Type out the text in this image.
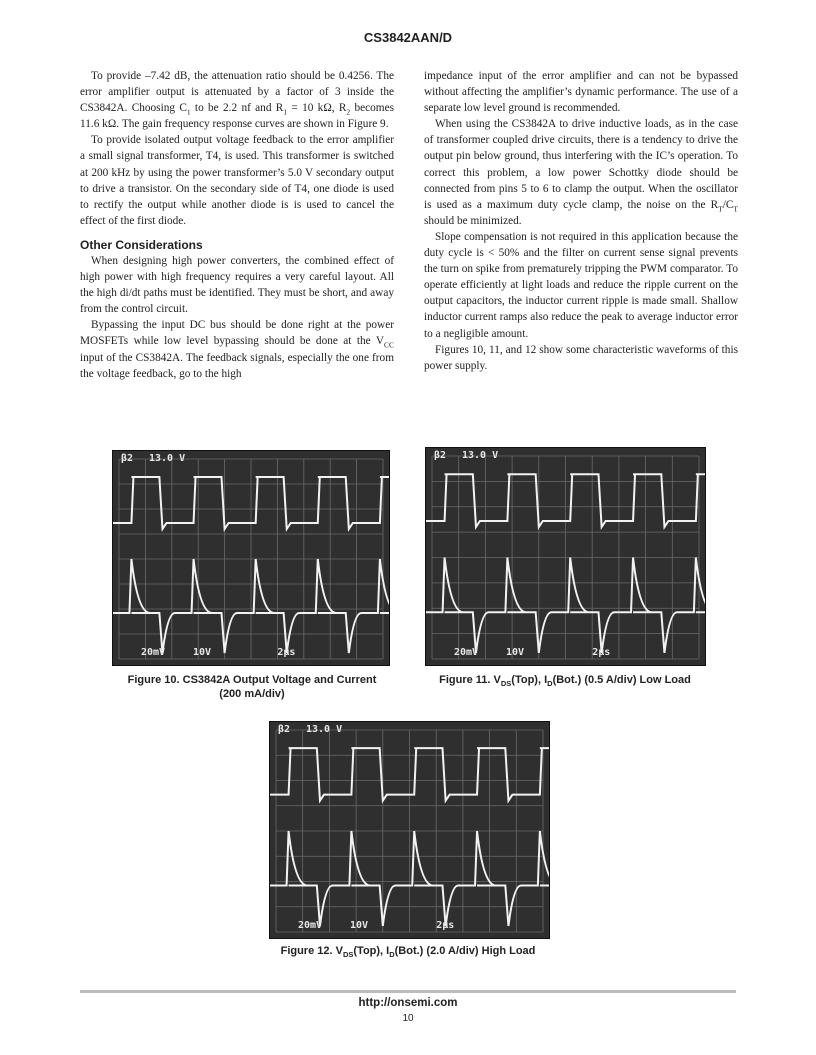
CS3842AAN/D

To provide –7.42 dB, the attenuation ratio should be 0.4256. The error amplifier output is attenuated by a factor of 3 inside the CS3842A. Choosing $C_1$ to be 2.2 nf and $R_1 = 10$ kΩ, $R_2$ becomes 11.6 kΩ. The gain frequency response curves are shown in Figure 9.

To provide isolated output voltage feedback to the error amplifier a small signal transformer, T4, is used. This transformer is switched at 200 kHz by using the power transformer’s 5.0 V secondary output to drive a transistor. On the secondary side of T4, one diode is used to rectify the output while another diode is is used to cancel the effect of the first diode.

Other Considerations

When designing high power converters, the combined effect of high power with high frequency requires a very careful layout. All the high di/dt paths must be identified. They must be short, and away from the control circuit.

Bypassing the input DC bus should be done right at the power MOSFETs while low level bypassing should be done at the $V_{CC}$ input of the CS3842A. The feedback signals, especially the one from the voltage feedback, go to the high

impedance input of the error amplifier and can not be bypassed without affecting the amplifier’s dynamic performance. The use of a separate low level ground is recommended.

When using the CS3842A to drive inductive loads, as in the case of transformer coupled drive circuits, there is a tendency to drive the output pin below ground, thus interfering with the IC’s operation. To correct this problem, a low power Schottky diode should be connected from pins 5 to 6 to clamp the output. When the oscillator is used as a maximum duty cycle clamp, the noise on the $R_T/C_T$ should be minimized.

Slope compensation is not required in this application because the duty cycle is < 50% and the filter on current sense signal prevents the turn on spike from prematurely tripping the PWM comparator. To operate efficiently at light loads and reduce the ripple current on the output capacitors, the inductor current ripple is made small. Shallow inductor current ramps also reduce the peak to average inductor error to a negligible amount.

Figures 10, 11, and 12 show some characteristic waveforms of this power supply.

β2 13.0 V
20mV	10V	2μs
Figure 10. CS3842A Output Voltage and Current
(200 mA/div)
β2 13.0 V
20mV	10V	2μs
Figure 11. $V_{DS}(Top)$, $I_D(Bot.)$ (0.5 A/div) Low Load
β2 13.0 V
20mV	10V	2μs
Figure 12. $V_{DS}(Top)$, $I_D(Bot.)$ (2.0 A/div) High Load
http://onsemi.com
10
